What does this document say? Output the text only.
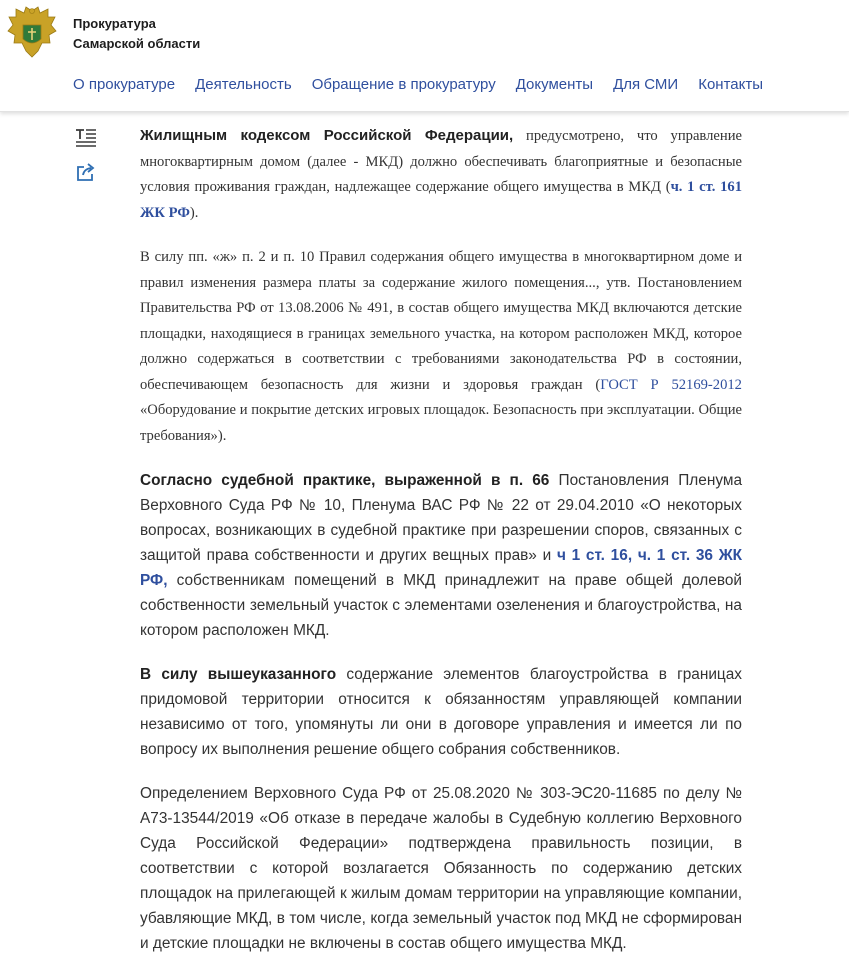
Прокуратура
Самарской области
О прокуратуре Деятельность Обращение в прокуратуру Документы Для СМИ Контакты

Жилищным кодексом Российской Федерации, предусмотрено, что управление многоквартирным домом (далее - МКД) должно обеспечивать благоприятные и безопасные условия проживания граждан, надлежащее содержание общего имущества в МКД (ч. 1 ст. 161 ЖК РФ).

В силу пп. «ж» п. 2 и п. 10 Правил содержания общего имущества в многоквартирном доме и правил изменения размера платы за содержание жилого помещения..., утв. Постановлением Правительства РФ от 13.08.2006 № 491, в состав общего имущества МКД включаются детские площадки, находящиеся в границах земельного участка, на котором расположен МКД, которое должно содержаться в соответствии с требованиями законодательства РФ в состоянии, обеспечивающем безопасность для жизни и здоровья граждан (ГОСТ Р 52169-2012 «Оборудование и покрытие детских игровых площадок. Безопасность при эксплуатации. Общие требования»).

Согласно судебной практике, выраженной в п. 66 Постановления Пленума Верховного Суда РФ № 10, Пленума ВАС РФ № 22 от 29.04.2010 «О некоторых вопросах, возникающих в судебной практике при разрешении споров, связанных с защитой права собственности и других вещных прав» и ч 1 ст. 16, ч. 1 ст. 36 ЖК РФ, собственникам помещений в МКД принадлежит на праве общей долевой собственности земельный участок с элементами озеленения и благоустройства, на котором расположен МКД.

В силу вышеуказанного содержание элементов благоустройства в границах придомовой территории относится к обязанностям управляющей компании независимо от того, упомянуты ли они в договоре управления и имеется ли по вопросу их выполнения решение общего собрания собственников.

Определением Верховного Суда РФ от 25.08.2020 № 303-ЭС20-11685 по делу № А73-13544/2019 «Об отказе в передаче жалобы в Судебную коллегию Верховного Суда Российской Федерации» подтверждена правильность позиции, в соответствии с которой возлагается Обязанность по содержанию детских площадок на прилегающей к жилым домам территории на управляющие компании, убавляющие МКД, в том числе, когда земельный участок под МКД не сформирован и детские площадки не включены в состав общего имущества МКД.
